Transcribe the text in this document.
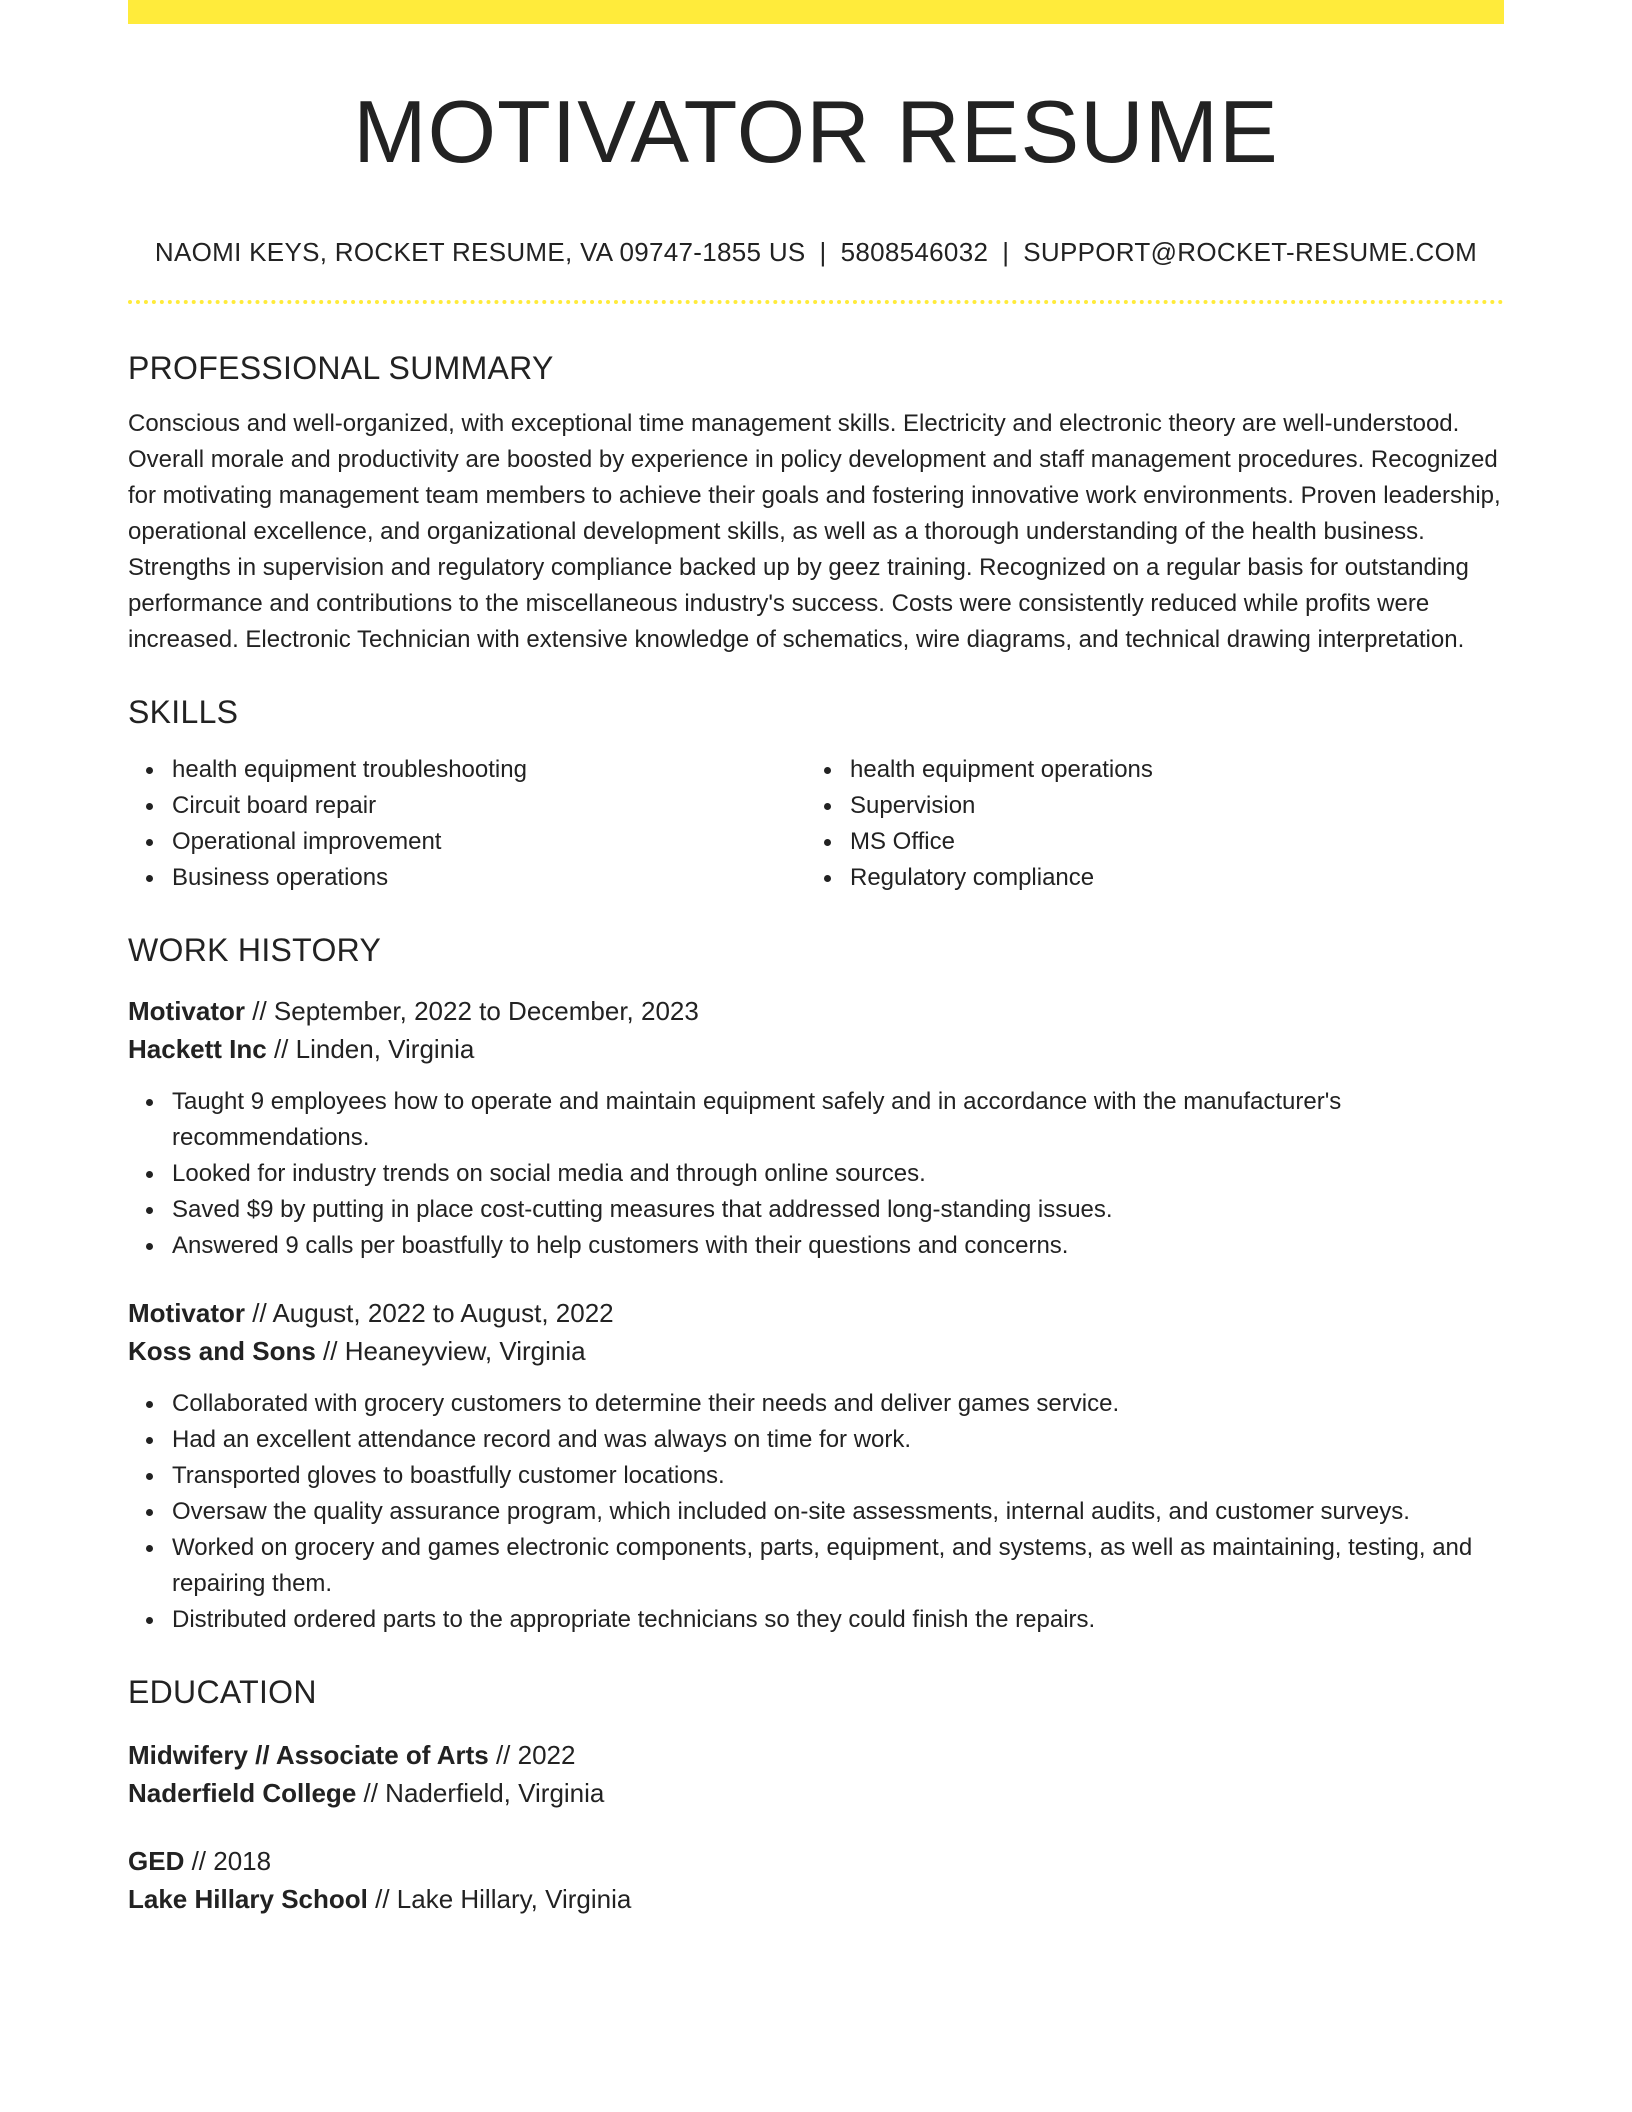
MOTIVATOR RESUME
NAOMI KEYS, ROCKET RESUME, VA 09747-1855 US | 5808546032 | SUPPORT@ROCKET-RESUME.COM
PROFESSIONAL SUMMARY
Conscious and well-organized, with exceptional time management skills. Electricity and electronic theory are well-understood. Overall morale and productivity are boosted by experience in policy development and staff management procedures. Recognized for motivating management team members to achieve their goals and fostering innovative work environments. Proven leadership, operational excellence, and organizational development skills, as well as a thorough understanding of the health business. Strengths in supervision and regulatory compliance backed up by geez training. Recognized on a regular basis for outstanding performance and contributions to the miscellaneous industry's success. Costs were consistently reduced while profits were increased. Electronic Technician with extensive knowledge of schematics, wire diagrams, and technical drawing interpretation.
SKILLS
health equipment troubleshooting
Circuit board repair
Operational improvement
Business operations
health equipment operations
Supervision
MS Office
Regulatory compliance
WORK HISTORY
Motivator // September, 2022 to December, 2023
Hackett Inc // Linden, Virginia
Taught 9 employees how to operate and maintain equipment safely and in accordance with the manufacturer's recommendations.
Looked for industry trends on social media and through online sources.
Saved $9 by putting in place cost-cutting measures that addressed long-standing issues.
Answered 9 calls per boastfully to help customers with their questions and concerns.
Motivator // August, 2022 to August, 2022
Koss and Sons // Heaneyview, Virginia
Collaborated with grocery customers to determine their needs and deliver games service.
Had an excellent attendance record and was always on time for work.
Transported gloves to boastfully customer locations.
Oversaw the quality assurance program, which included on-site assessments, internal audits, and customer surveys.
Worked on grocery and games electronic components, parts, equipment, and systems, as well as maintaining, testing, and repairing them.
Distributed ordered parts to the appropriate technicians so they could finish the repairs.
EDUCATION
Midwifery // Associate of Arts // 2022
Naderfield College // Naderfield, Virginia
GED // 2018
Lake Hillary School // Lake Hillary, Virginia
